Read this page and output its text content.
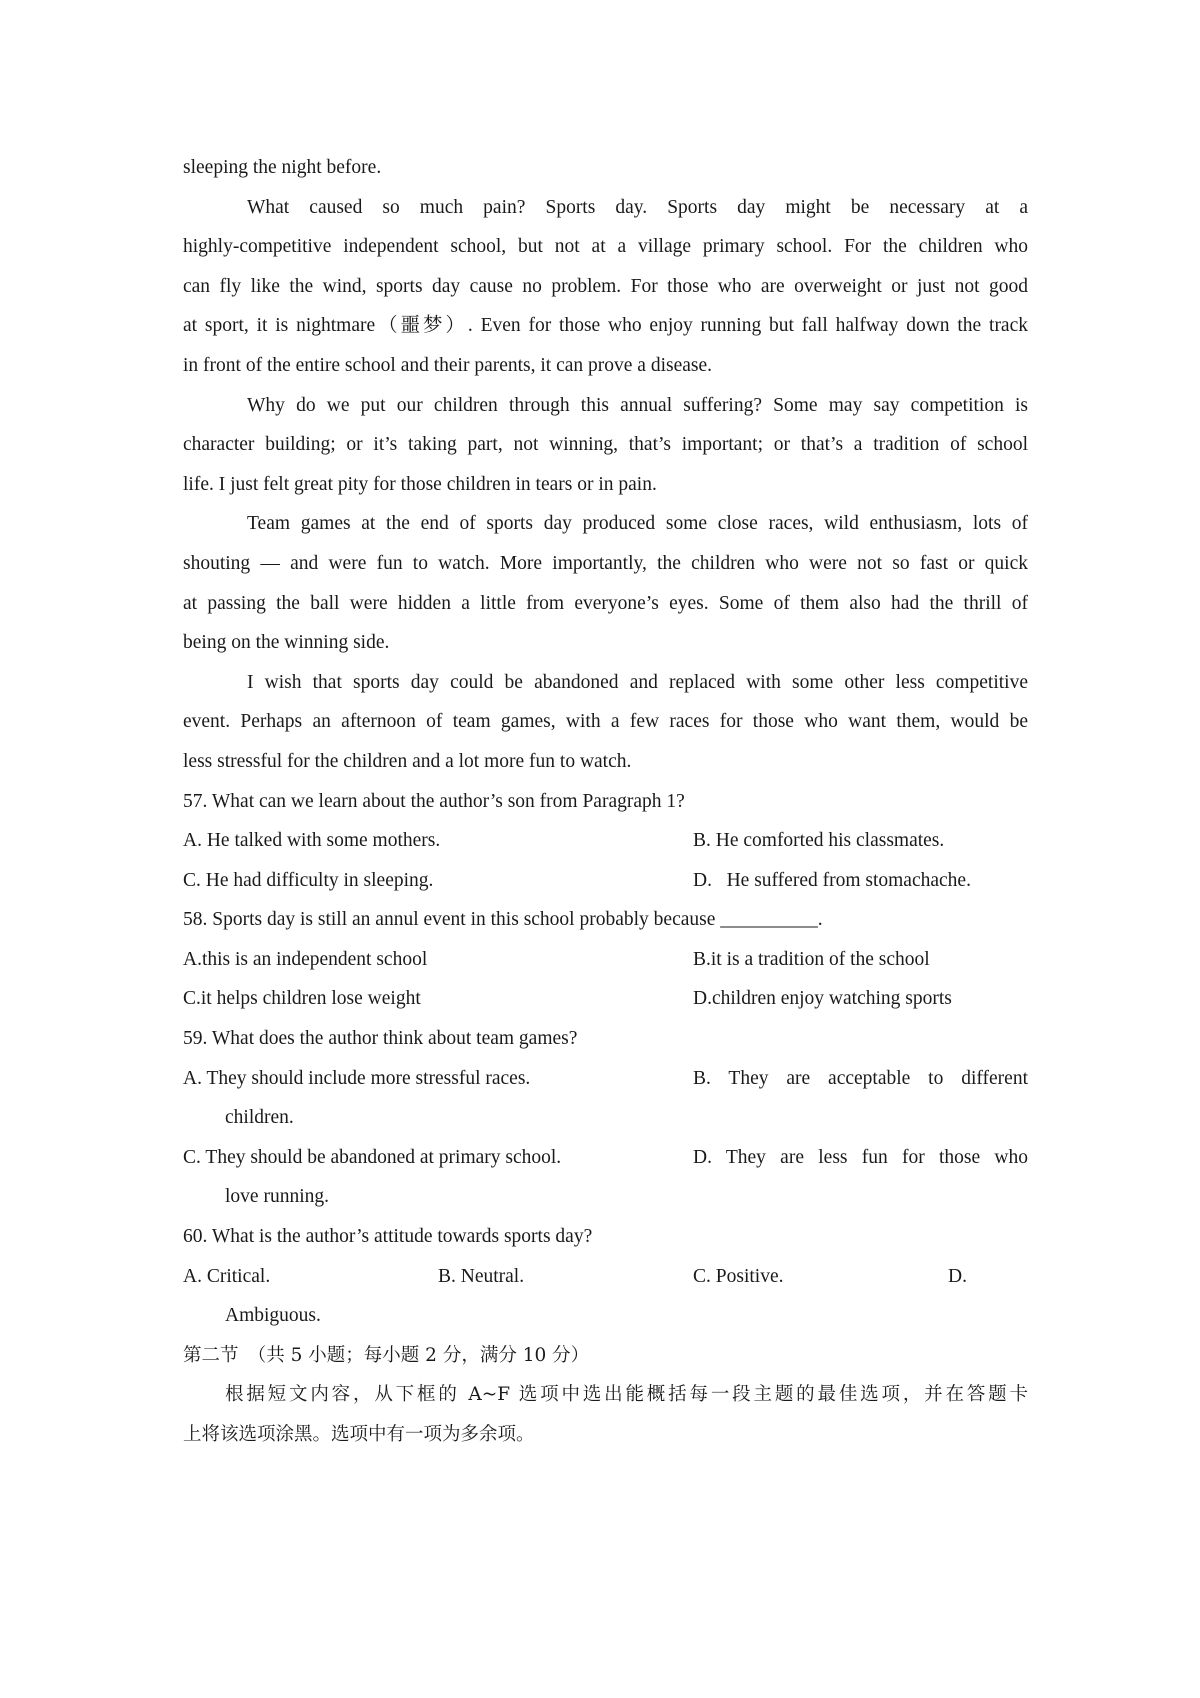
sleeping the night before.
What caused so much pain? Sports day. Sports day might be necessary at a
highly-competitive independent school, but not at a village primary school. For the children who
can fly like the wind, sports day cause no problem. For those who are overweight or just not good
at sport, it is nightmare（噩梦）. Even for those who enjoy running but fall halfway down the track
in front of the entire school and their parents, it can prove a disease.
Why do we put our children through this annual suffering? Some may say competition is
character building; or it’s taking part, not winning, that’s important; or that’s a tradition of school
life. I just felt great pity for those children in tears or in pain.
Team games at the end of sports day produced some close races, wild enthusiasm, lots of
shouting — and were fun to watch. More importantly, the children who were not so fast or quick
at passing the ball were hidden a little from everyone’s eyes. Some of them also had the thrill of
being on the winning side.
I wish that sports day could be abandoned and replaced with some other less competitive
event. Perhaps an afternoon of team games, with a few races for those who want them, would be
less stressful for the children and a lot more fun to watch.
57. What can we learn about the author’s son from Paragraph 1?
A. He talked with some mothers.	B. He comforted his classmates.
C. He had difficulty in sleeping.	D.   He suffered from stomachache.
58. Sports day is still an annul event in this school probably because __________.
A.this is an independent school	B.it is a tradition of the school
C.it helps children lose weight	D.children enjoy watching sports
59. What does the author think about team games?
A. They should include more stressful races.	B. They are acceptable to different
children.
C. They should be abandoned at primary school.	D. They are less fun for those who
love running.
60. What is the author’s attitude towards sports day?
A. Critical.	B. Neutral.	C. Positive.	D.
Ambiguous.
第二节　（共 5 小题；每小题 2 分，满分 10 分）
根据短文内容，从下框的 A~F 选项中选出能概括每一段主题的最佳选项，并在答题卡
上将该选项涂黑。选项中有一项为多余项。
